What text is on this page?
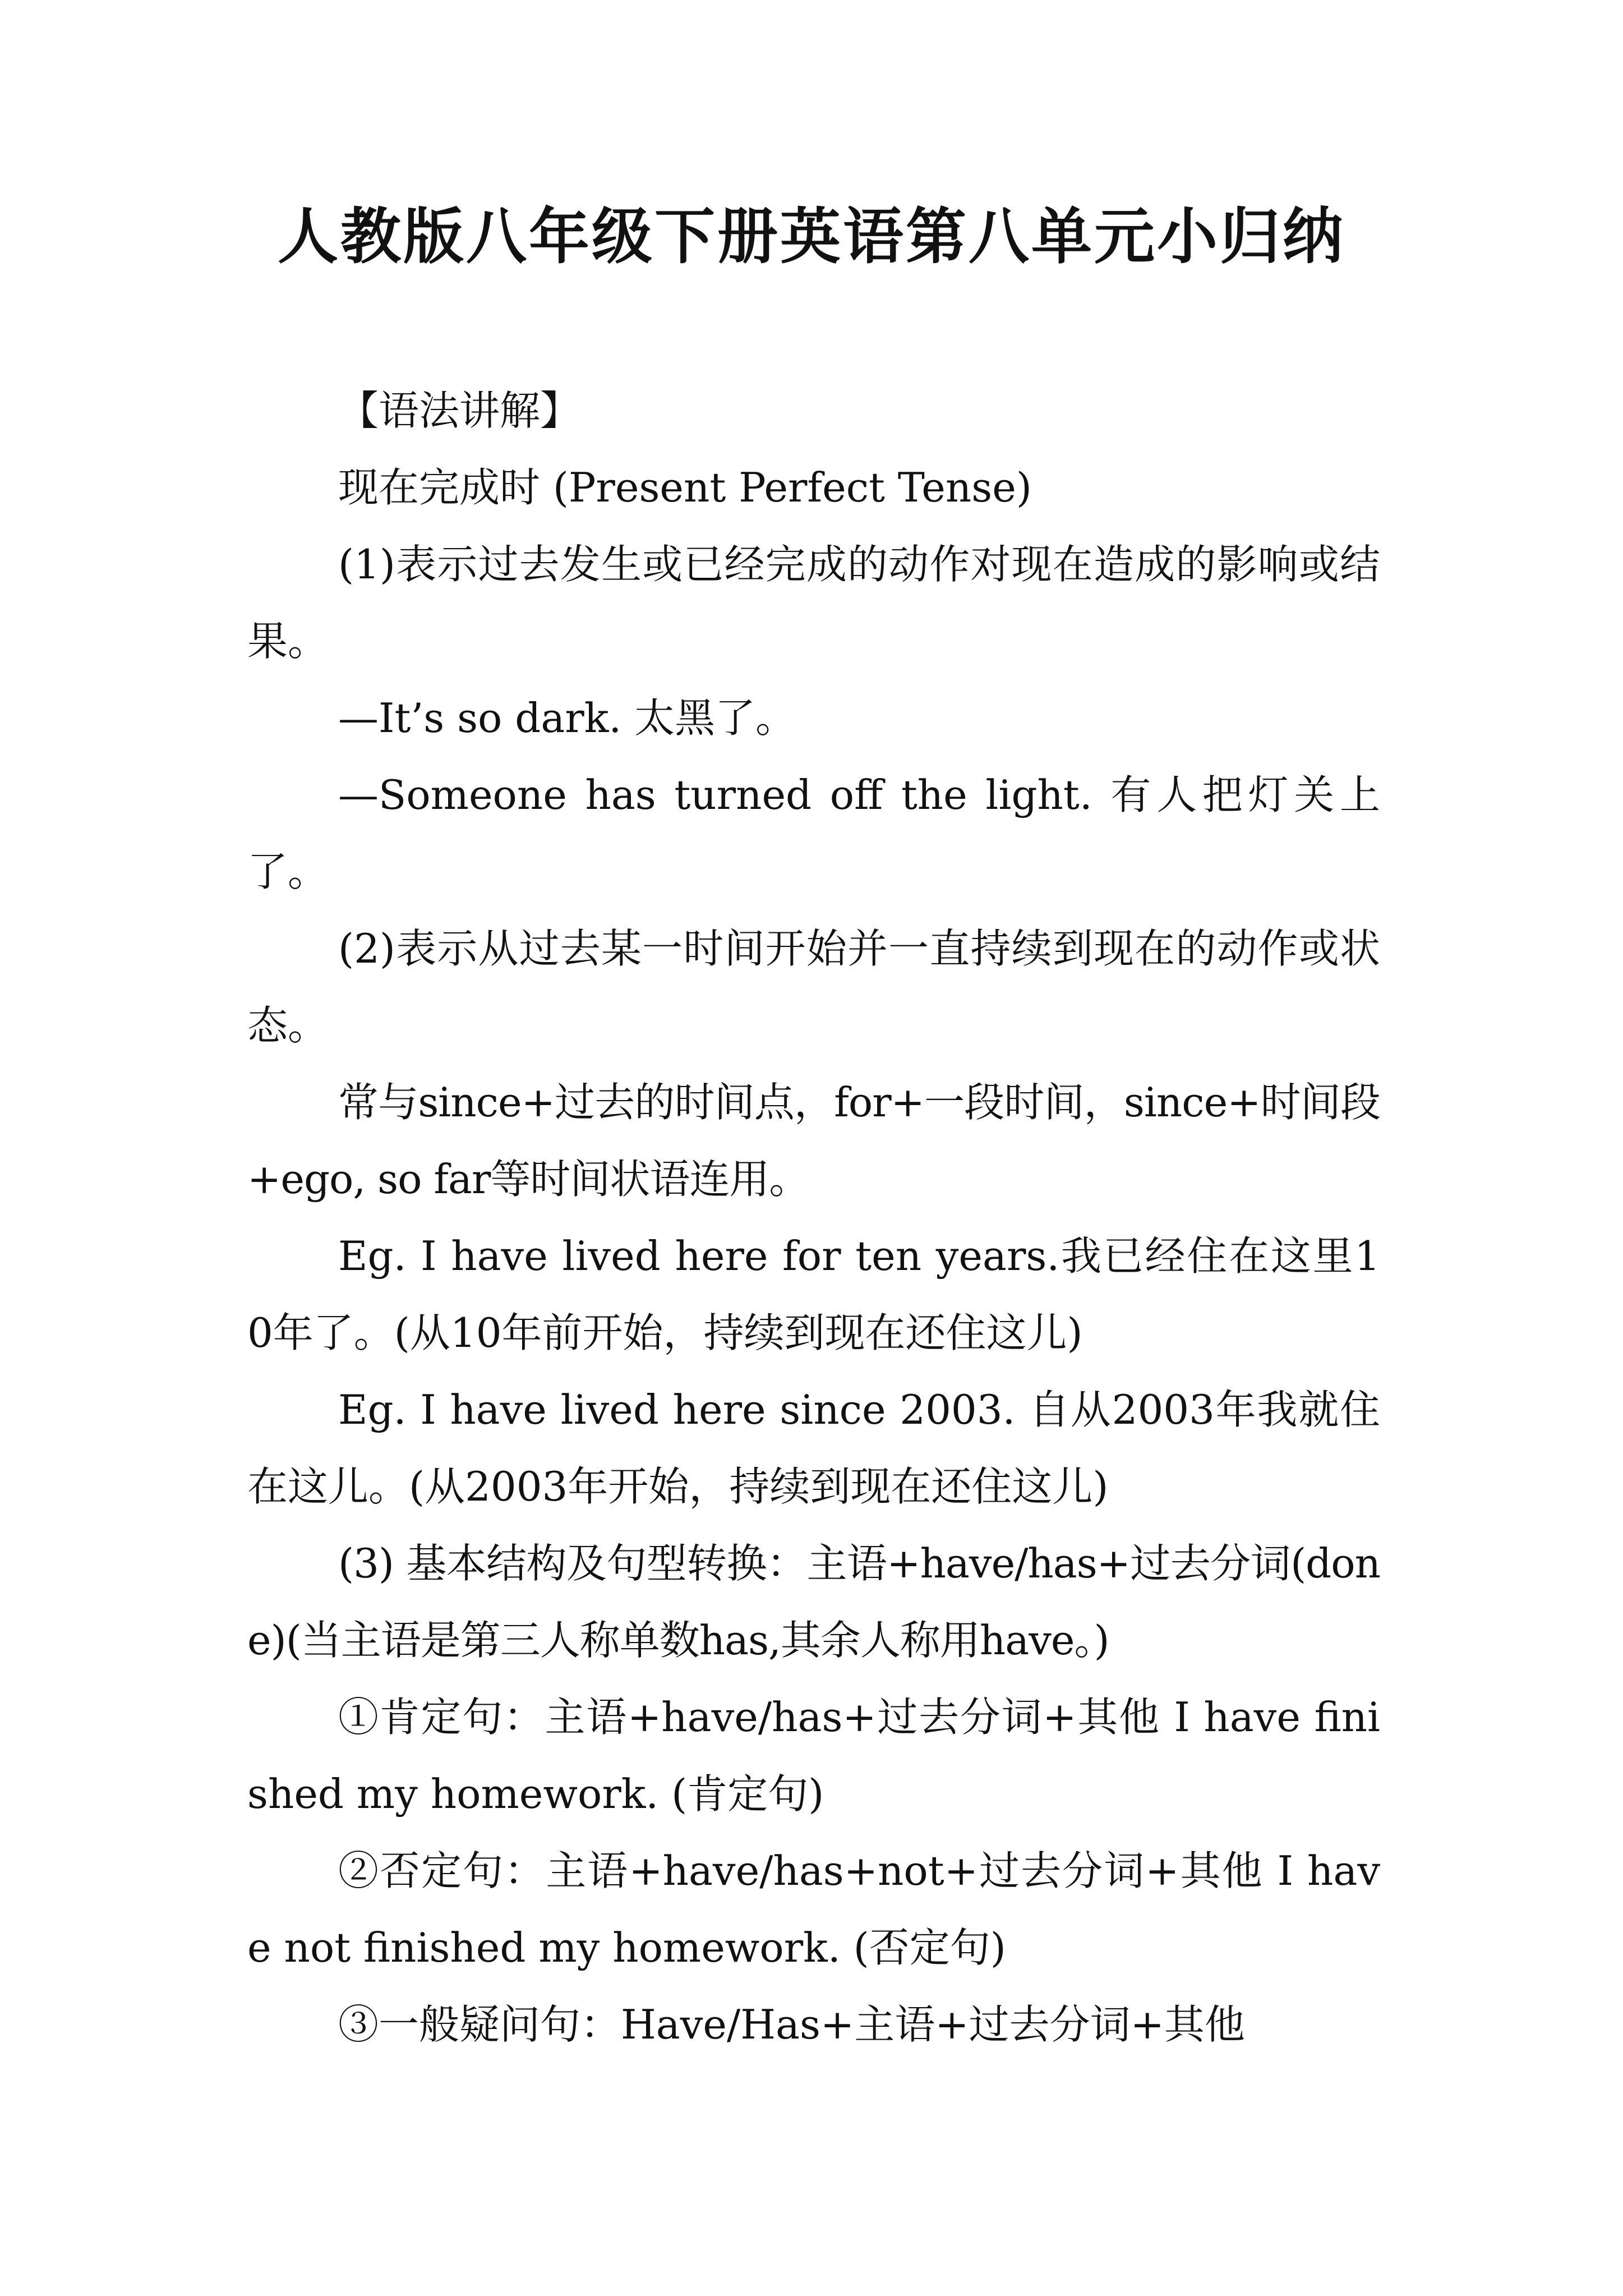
人教版八年级下册英语第八单元小归纳

【语法讲解】

现在完成时 (Present Perfect Tense)

(1)表示过去发生或已经完成的动作对现在造成的影响或结果。

—It’s so dark. 太黑了。

—Someone has turned off the light. 有人把灯关上了。

(2)表示从过去某一时间开始并一直持续到现在的动作或状态。

常与since+过去的时间点，for+一段时间，since+时间段+ego, so far等时间状语连用。

Eg. I have lived here for ten years.我已经住在这里10年了。(从10年前开始，持续到现在还住这儿)

Eg. I have lived here since 2003. 自从2003年我就住在这儿。(从2003年开始，持续到现在还住这儿)

(3) 基本结构及句型转换：主语+have/has+过去分词(done)(当主语是第三人称单数has,其余人称用have。)

①肯定句：主语+have/has+过去分词+其他 I have finished my homework. (肯定句)

②否定句：主语+have/has+not+过去分词+其他 I have not finished my homework. (否定句)

③一般疑问句：Have/Has+主语+过去分词+其他
